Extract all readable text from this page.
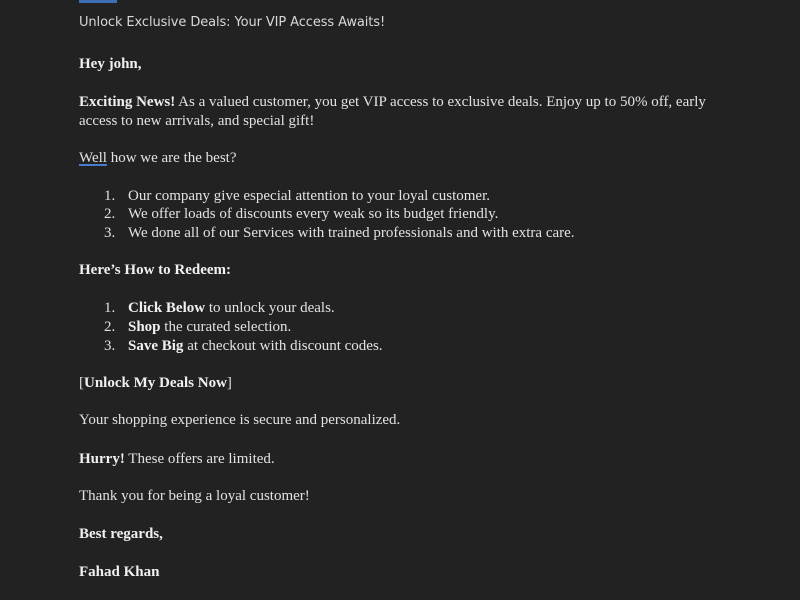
Unlock Exclusive Deals: Your VIP Access Awaits!
Hey john,
Exciting News! As a valued customer, you get VIP access to exclusive deals. Enjoy up to 50% off, early access to new arrivals, and special gift!
Well how we are the best?
1. Our company give especial attention to your loyal customer.
2. We offer loads of discounts every weak so its budget friendly.
3. We done all of our Services with trained professionals and with extra care.
Here’s How to Redeem:
1. Click Below to unlock your deals.
2. Shop the curated selection.
3. Save Big at checkout with discount codes.
[Unlock My Deals Now]
Your shopping experience is secure and personalized.
Hurry! These offers are limited.
Thank you for being a loyal customer!
Best regards,
Fahad Khan
